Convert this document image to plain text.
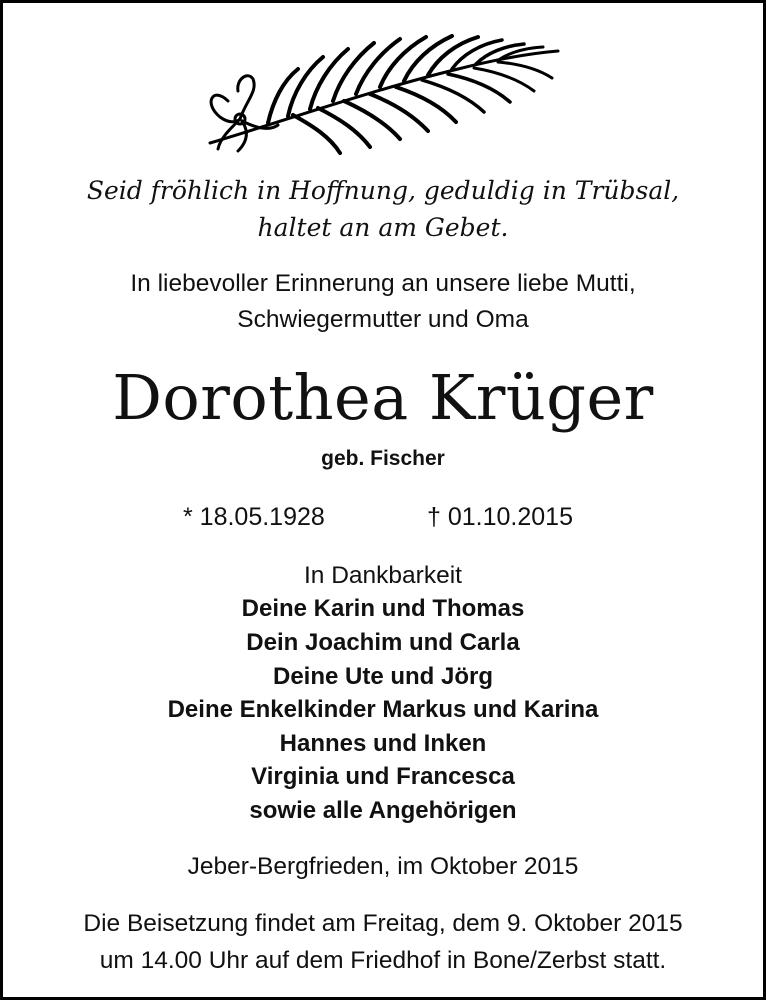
Seid fröhlich in Hoffnung, geduldig in Trübsal,
haltet an am Gebet.
In liebevoller Erinnerung an unsere liebe Mutti,
Schwiegermutter und Oma
Dorothea Krüger
geb. Fischer
* 18.05.1928	† 01.10.2015
In Dankbarkeit
Deine Karin und Thomas
Dein Joachim und Carla
Deine Ute und Jörg
Deine Enkelkinder Markus und Karina
Hannes und Inken
Virginia und Francesca
sowie alle Angehörigen
Jeber-Bergfrieden, im Oktober 2015
Die Beisetzung findet am Freitag, dem 9. Oktober 2015
um 14.00 Uhr auf dem Friedhof in Bone/Zerbst statt.
